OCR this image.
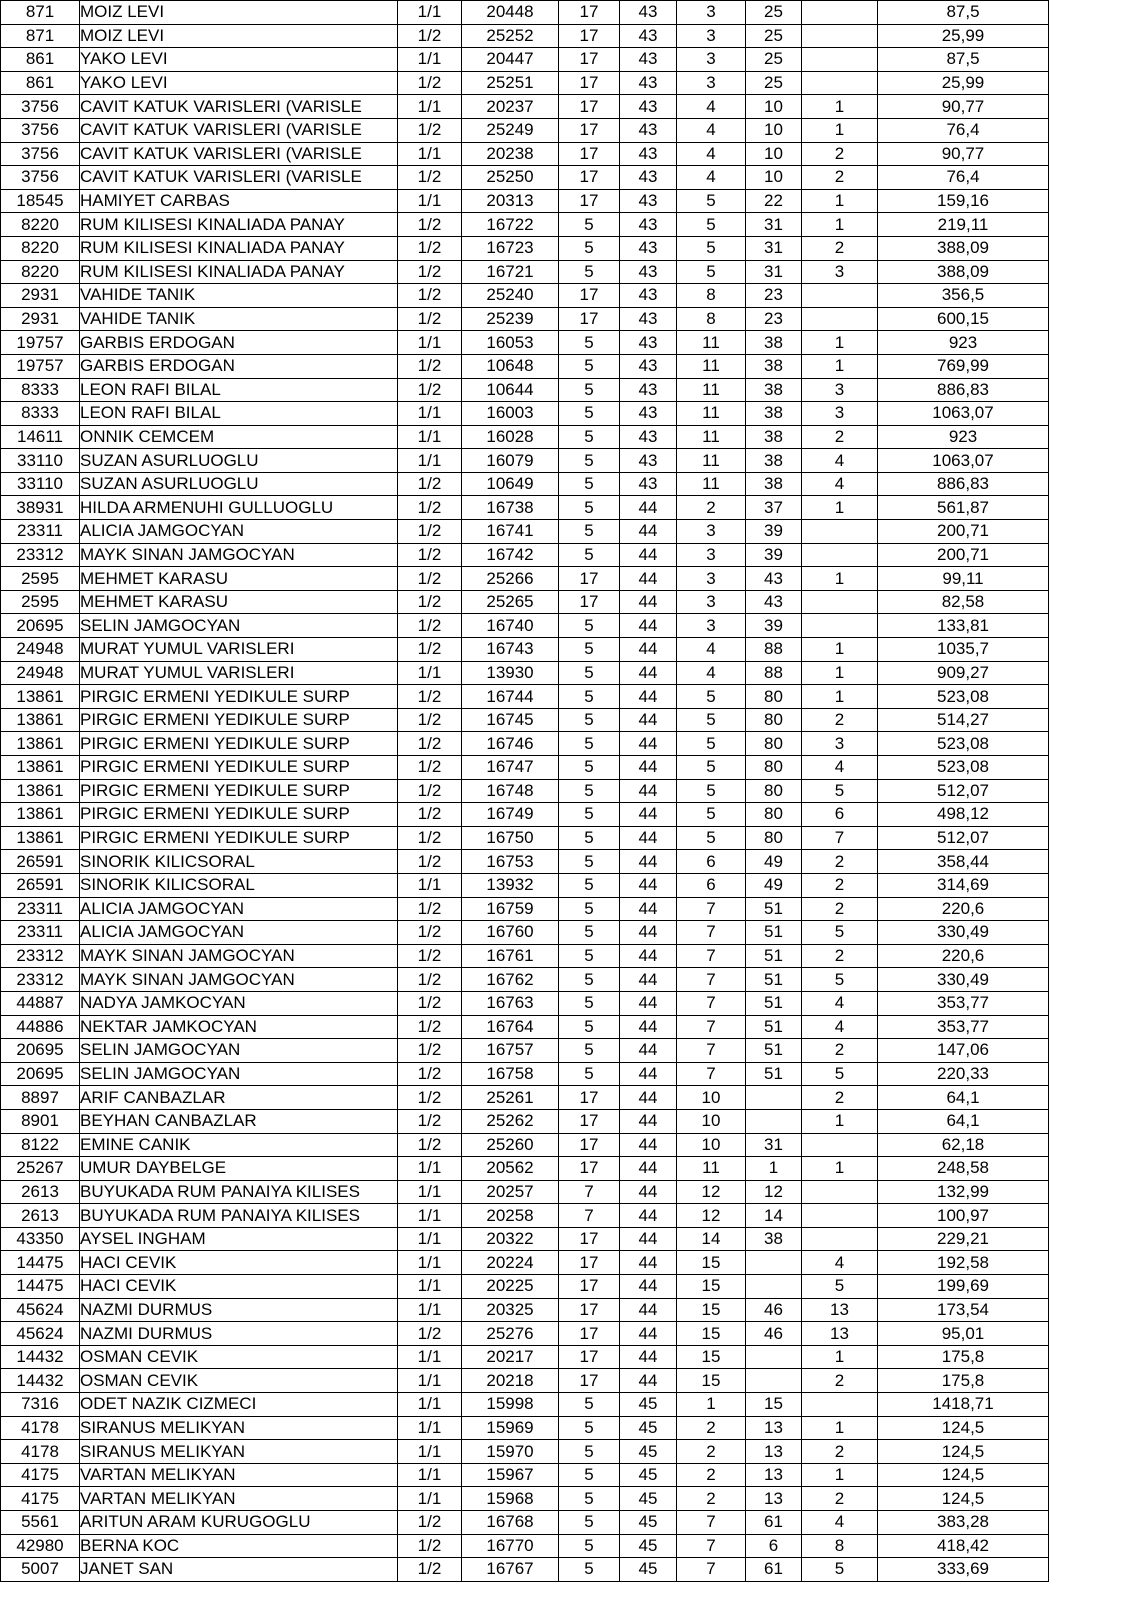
871	MOIZ LEVI	1/1	20448	17	43	3	25		87,5
871	MOIZ LEVI	1/2	25252	17	43	3	25		25,99
861	YAKO LEVI	1/1	20447	17	43	3	25		87,5
861	YAKO LEVI	1/2	25251	17	43	3	25		25,99
3756	CAVIT KATUK VARISLERI (VARISLE	1/1	20237	17	43	4	10	1	90,77
3756	CAVIT KATUK VARISLERI (VARISLE	1/2	25249	17	43	4	10	1	76,4
3756	CAVIT KATUK VARISLERI (VARISLE	1/1	20238	17	43	4	10	2	90,77
3756	CAVIT KATUK VARISLERI (VARISLE	1/2	25250	17	43	4	10	2	76,4
18545	HAMIYET CARBAS	1/1	20313	17	43	5	22	1	159,16
8220	RUM KILISESI KINALIADA PANAY	1/2	16722	5	43	5	31	1	219,11
8220	RUM KILISESI KINALIADA PANAY	1/2	16723	5	43	5	31	2	388,09
8220	RUM KILISESI KINALIADA PANAY	1/2	16721	5	43	5	31	3	388,09
2931	VAHIDE TANIK	1/2	25240	17	43	8	23		356,5
2931	VAHIDE TANIK	1/2	25239	17	43	8	23		600,15
19757	GARBIS ERDOGAN	1/1	16053	5	43	11	38	1	923
19757	GARBIS ERDOGAN	1/2	10648	5	43	11	38	1	769,99
8333	LEON RAFI BILAL	1/2	10644	5	43	11	38	3	886,83
8333	LEON RAFI BILAL	1/1	16003	5	43	11	38	3	1063,07
14611	ONNIK CEMCEM	1/1	16028	5	43	11	38	2	923
33110	SUZAN ASURLUOGLU	1/1	16079	5	43	11	38	4	1063,07
33110	SUZAN ASURLUOGLU	1/2	10649	5	43	11	38	4	886,83
38931	HILDA ARMENUHI GULLUOGLU	1/2	16738	5	44	2	37	1	561,87
23311	ALICIA JAMGOCYAN	1/2	16741	5	44	3	39		200,71
23312	MAYK SINAN JAMGOCYAN	1/2	16742	5	44	3	39		200,71
2595	MEHMET KARASU	1/2	25266	17	44	3	43	1	99,11
2595	MEHMET KARASU	1/2	25265	17	44	3	43		82,58
20695	SELIN JAMGOCYAN	1/2	16740	5	44	3	39		133,81
24948	MURAT YUMUL VARISLERI	1/2	16743	5	44	4	88	1	1035,7
24948	MURAT YUMUL VARISLERI	1/1	13930	5	44	4	88	1	909,27
13861	PIRGIC ERMENI YEDIKULE SURP	1/2	16744	5	44	5	80	1	523,08
13861	PIRGIC ERMENI YEDIKULE SURP	1/2	16745	5	44	5	80	2	514,27
13861	PIRGIC ERMENI YEDIKULE SURP	1/2	16746	5	44	5	80	3	523,08
13861	PIRGIC ERMENI YEDIKULE SURP	1/2	16747	5	44	5	80	4	523,08
13861	PIRGIC ERMENI YEDIKULE SURP	1/2	16748	5	44	5	80	5	512,07
13861	PIRGIC ERMENI YEDIKULE SURP	1/2	16749	5	44	5	80	6	498,12
13861	PIRGIC ERMENI YEDIKULE SURP	1/2	16750	5	44	5	80	7	512,07
26591	SINORIK KILICSORAL	1/2	16753	5	44	6	49	2	358,44
26591	SINORIK KILICSORAL	1/1	13932	5	44	6	49	2	314,69
23311	ALICIA JAMGOCYAN	1/2	16759	5	44	7	51	2	220,6
23311	ALICIA JAMGOCYAN	1/2	16760	5	44	7	51	5	330,49
23312	MAYK SINAN JAMGOCYAN	1/2	16761	5	44	7	51	2	220,6
23312	MAYK SINAN JAMGOCYAN	1/2	16762	5	44	7	51	5	330,49
44887	NADYA JAMKOCYAN	1/2	16763	5	44	7	51	4	353,77
44886	NEKTAR JAMKOCYAN	1/2	16764	5	44	7	51	4	353,77
20695	SELIN JAMGOCYAN	1/2	16757	5	44	7	51	2	147,06
20695	SELIN JAMGOCYAN	1/2	16758	5	44	7	51	5	220,33
8897	ARIF CANBAZLAR	1/2	25261	17	44	10		2	64,1
8901	BEYHAN CANBAZLAR	1/2	25262	17	44	10		1	64,1
8122	EMINE CANIK	1/2	25260	17	44	10	31		62,18
25267	UMUR DAYBELGE	1/1	20562	17	44	11	1	1	248,58
2613	BUYUKADA RUM PANAIYA KILISES	1/1	20257	7	44	12	12		132,99
2613	BUYUKADA RUM PANAIYA KILISES	1/1	20258	7	44	12	14		100,97
43350	AYSEL INGHAM	1/1	20322	17	44	14	38		229,21
14475	HACI CEVIK	1/1	20224	17	44	15		4	192,58
14475	HACI CEVIK	1/1	20225	17	44	15		5	199,69
45624	NAZMI DURMUS	1/1	20325	17	44	15	46	13	173,54
45624	NAZMI DURMUS	1/2	25276	17	44	15	46	13	95,01
14432	OSMAN CEVIK	1/1	20217	17	44	15		1	175,8
14432	OSMAN CEVIK	1/1	20218	17	44	15		2	175,8
7316	ODET NAZIK CIZMECI	1/1	15998	5	45	1	15		1418,71
4178	SIRANUS MELIKYAN	1/1	15969	5	45	2	13	1	124,5
4178	SIRANUS MELIKYAN	1/1	15970	5	45	2	13	2	124,5
4175	VARTAN MELIKYAN	1/1	15967	5	45	2	13	1	124,5
4175	VARTAN MELIKYAN	1/1	15968	5	45	2	13	2	124,5
5561	ARITUN ARAM KURUGOGLU	1/2	16768	5	45	7	61	4	383,28
42980	BERNA KOC	1/2	16770	5	45	7	6	8	418,42
5007	JANET SAN	1/2	16767	5	45	7	61	5	333,69
